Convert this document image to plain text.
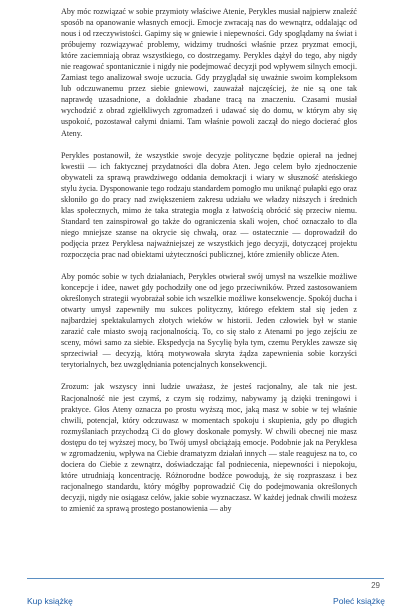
Aby móc rozwiązać w sobie przymioty właściwe Atenie, Perykles musiał najpierw znaleźć sposób na opanowanie własnych emocji. Emocje zwracają nas do wewnątrz, oddalając od nous i od rzeczywistości. Gapimy się w gniewie i niepewności. Gdy spoglądamy na świat i próbujemy rozwiązywać problemy, widzimy trudności właśnie przez pryzmat emocji, które zaciemniają obraz wszystkiego, co dostrzegamy. Perykles dążył do tego, aby nigdy nie reagować spontanicznie i nigdy nie podejmować decyzji pod wpływem silnych emocji. Zamiast tego analizował swoje uczucia. Gdy przyglądał się uważnie swoim kompleksom lub odczuwanemu przez siebie gniewowi, zauważał najczęściej, że nie są one tak naprawdę uzasadnione, a dokładnie zbadane tracą na znaczeniu. Czasami musiał wychodzić z obrad zgiełkliwych zgromadzeń i udawać się do domu, w którym aby się uspokoić, pozostawał całymi dniami. Tam właśnie powoli zaczął do niego docierać głos Ateny.

Perykles postanowił, że wszystkie swoje decyzje polityczne będzie opierał na jednej kwestii — ich faktycznej przydatności dla dobra Aten. Jego celem było zjednoczenie obywateli za sprawą prawdziwego oddania demokracji i wiary w słuszność ateńskiego stylu życia. Dysponowanie tego rodzaju standardem pomogło mu uniknąć pułapki ego oraz skłoniło go do pracy nad zwiększeniem zakresu udziału we władzy niższych i średnich klas społecznych, mimo że taka strategia mogła z łatwością obrócić się przeciw niemu. Standard ten zainspirował go także do ograniczenia skali wojen, choć oznaczało to dla niego mniejsze szanse na okrycie się chwałą, oraz — ostatecznie — doprowadził do podjęcia przez Peryklesa najważniejszej ze wszystkich jego decyzji, dotyczącej projektu rozpoczęcia prac nad obiektami użyteczności publicznej, które zmieniły oblicze Aten.

Aby pomóc sobie w tych działaniach, Perykles otwierał swój umysł na wszelkie możliwe koncepcje i idee, nawet gdy pochodziły one od jego przeciwników. Przed zastosowaniem określonych strategii wyobrażał sobie ich wszelkie możliwe konsekwencje. Spokój ducha i otwarty umysł zapewniły mu sukces polityczny, którego efektem stał się jeden z najbardziej spektakularnych złotych wieków w historii. Jeden człowiek był w stanie zarazić całe miasto swoją racjonalnością. To, co się stało z Atenami po jego zejściu ze sceny, mówi samo za siebie. Ekspedycja na Sycylię była tym, czemu Perykles zawsze się sprzeciwiał — decyzją, którą motywowała skryta żądza zapewnienia sobie korzyści terytorialnych, bez uwzględniania potencjalnych konsekwencji.

Zrozum: jak wszyscy inni ludzie uważasz, że jesteś racjonalny, ale tak nie jest. Racjonalność nie jest czymś, z czym się rodzimy, nabywamy ją dzięki treningowi i praktyce. Głos Ateny oznacza po prostu wyższą moc, jaką masz w sobie w tej właśnie chwili, potencjał, który odczuwasz w momentach spokoju i skupienia, gdy po długich rozmyślaniach przychodzą Ci do głowy doskonałe pomysły. W chwili obecnej nie masz dostępu do tej wyższej mocy, bo Twój umysł obciążają emocje. Podobnie jak na Peryklesa w zgromadzeniu, wpływa na Ciebie dramatyzm działań innych — stale reagujesz na to, co dociera do Ciebie z zewnątrz, doświadczając fal podniecenia, niepewności i niepokoju, które utrudniają koncentrację. Różnorodne bodźce powodują, że się rozpraszasz i bez racjonalnego standardu, który mógłby poprowadzić Cię do podejmowania określonych decyzji, nigdy nie osiągasz celów, jakie sobie wyznaczasz. W każdej jednak chwili możesz to zmienić za sprawą prostego postanowienia — aby

29
Kup książkę	Poleć książkę
